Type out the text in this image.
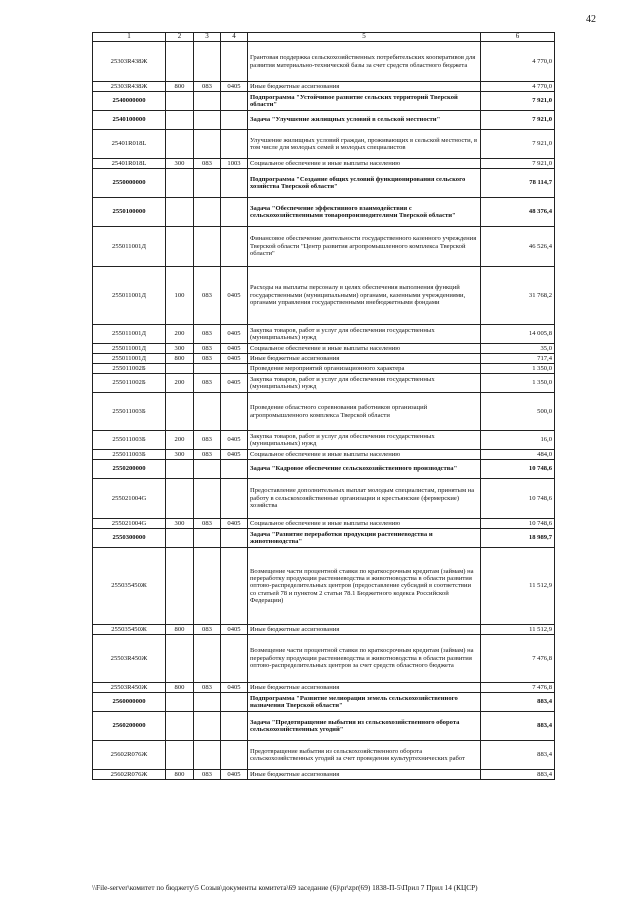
42
1	2	3	4	5	6
25303R438Ж				Грантовая поддержка сельскохозяйственных потребительских кооперативов для развития материально-технической базы за счет средств областного бюджета	4 770,0
25303R438Ж	800	083	0405	Иные бюджетные ассигнования	4 770,0
2540000000				Подпрограмма "Устойчивое развитие сельских территорий Тверской области"	7 921,0
2540100000				Задача "Улучшение жилищных условий в сельской местности"	7 921,0
25401R018L				Улучшение жилищных условий граждан, проживающих в сельской местности, в том числе для молодых семей и молодых специалистов	7 921,0
25401R018L	300	083	1003	Социальное обеспечение и иные выплаты населению	7 921,0
2550000000				Подпрограмма "Создание общих условий функционирования сельского хозяйства Тверской области"	78 114,7
2550100000				Задача "Обеспечение эффективного взаимодействия с сельскохозяйственными товаропроизводителями Тверской области"	48 376,4
255011001Д				Финансовое обеспечение деятельности государственного казенного учреждения Тверской области "Центр развития агропромышленного комплекса Тверской области"	46 526,4
255011001Д	100	083	0405	Расходы на выплаты персоналу в целях обеспечения выполнения функций государственными (муниципальными) органами, казенными учреждениями, органами управления государственными внебюджетными фондами	31 768,2
255011001Д	200	083	0405	Закупка товаров, работ и услуг для обеспечения государственных (муниципальных) нужд	14 005,8
255011001Д	300	083	0405	Социальное обеспечение и иные выплаты населению	35,0
255011001Д	800	083	0405	Иные бюджетные ассигнования	717,4
255011002Б				Проведение мероприятий организационного характера	1 350,0
255011002Б	200	083	0405	Закупка товаров, работ и услуг для обеспечения государственных (муниципальных) нужд	1 350,0
255011003Б				Проведение областного соревнования работников организаций агропромышленного комплекса Тверской области	500,0
255011003Б	200	083	0405	Закупка товаров, работ и услуг для обеспечения государственных (муниципальных) нужд	16,0
255011003Б	300	083	0405	Социальное обеспечение и иные выплаты населению	484,0
2550200000				Задача "Кадровое обеспечение сельскохозяйственного производства"	10 748,6
255021004G				Предоставление дополнительных выплат молодым специалистам, принятым на работу в сельскохозяйственные организации и крестьянские (фермерские) хозяйства	10 748,6
255021004G	300	083	0405	Социальное обеспечение и иные выплаты населению	10 748,6
2550300000				Задача "Развитие переработки продукции растениеводства и животноводства"	18 989,7
255035450Ж				Возмещение части процентной ставки по краткосрочным кредитам (займам) на переработку продукции растениеводства и животноводства в области развития оптово-распределительных центров (предоставление субсидий в соответствии со статьей 78 и пунктом 2 статьи 78.1 Бюджетного кодекса Российской Федерации)	11 512,9
255035450Ж	800	083	0405	Иные бюджетные ассигнования	11 512,9
25503R450Ж				Возмещение части процентной ставки по краткосрочным кредитам (займам) на переработку продукции растениеводства и животноводства в области развития оптово-распределительных центров за счет средств областного бюджета	7 476,8
25503R450Ж	800	083	0405	Иные бюджетные ассигнования	7 476,8
2560000000				Подпрограмма "Развитие мелиорации земель сельскохозяйственного назначения Тверской области"	883,4
2560200000				Задача "Предотвращение выбытия из сельскохозяйственного оборота сельскохозяйственных угодий"	883,4
25602R076Ж				Предотвращение выбытия из сельскохозяйственного оборота сельскохозяйственных угодий за счет проведения культуртехнических работ	883,4
25602R076Ж	800	083	0405	Иные бюджетные ассигнования	883,4
\\File-server\комитет по бюджету\5 Созыв\документы комитета\69 заседание (6)\pr\zpr(69) 1838-П-5\Прил 7 Прил 14 (КЦСР)
